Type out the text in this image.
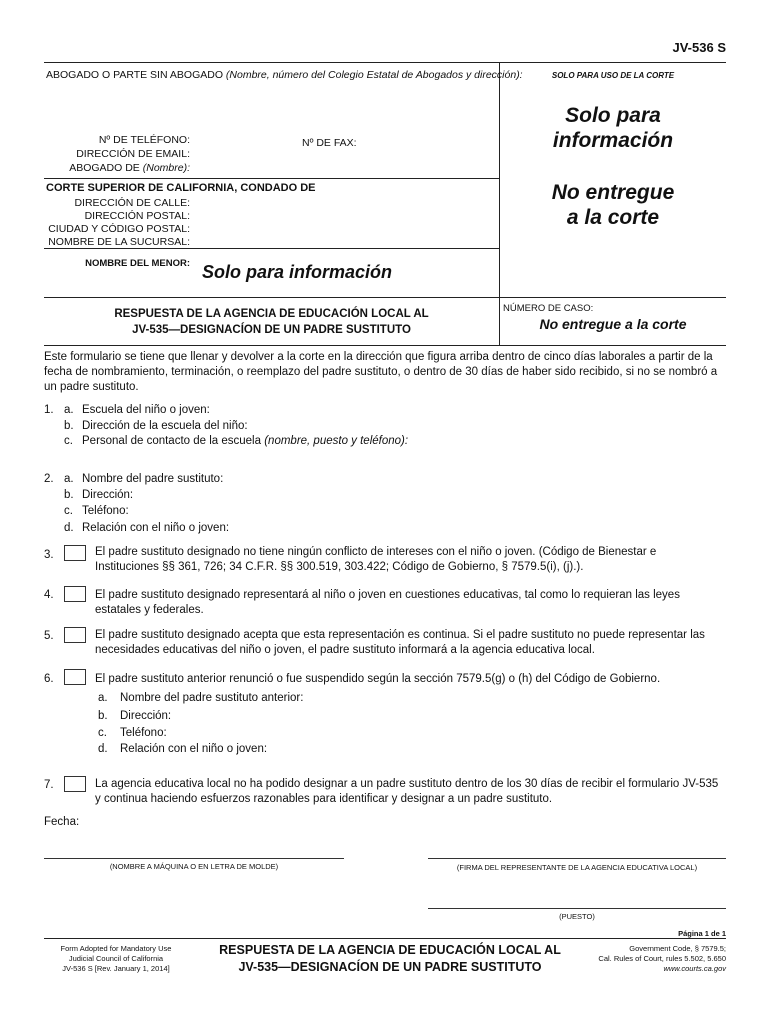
JV-536 S
ABOGADO O PARTE SIN ABOGADO (Nombre, número del Colegio Estatal de Abogados y dirección):
Nº DE TELÉFONO:	Nº DE FAX:
DIRECCIÓN DE EMAIL:
ABOGADO DE (Nombre):
CORTE SUPERIOR DE CALIFORNIA, CONDADO DE
DIRECCIÓN DE CALLE:
DIRECCIÓN POSTAL:
CIUDAD Y CÓDIGO POSTAL:
NOMBRE DE LA SUCURSAL:
NOMBRE DEL MENOR: Solo para información
RESPUESTA DE LA AGENCIA DE EDUCACIÓN LOCAL AL
JV-535—DESIGNACÍON DE UN PADRE SUSTITUTO
SOLO PARA USO DE LA CORTE
Solo para
información
No entregue
a la corte
NÚMERO DE CASO:
No entregue a la corte
Este formulario se tiene que llenar y devolver a la corte en la dirección que figura arriba dentro de cinco días laborales a partir de la fecha de nombramiento, terminación, o reemplazo del padre sustituto, o dentro de 30 días de haber sido recibido, si no se nombró a un padre sustituto.
1. a. Escuela del niño o joven:
b. Dirección de la escuela del niño:
c. Personal de contacto de la escuela (nombre, puesto y teléfono):
2. a. Nombre del padre sustituto:
b. Dirección:
c. Teléfono:
d. Relación con el niño o joven:
3.	El padre sustituto designado no tiene ningún conflicto de intereses con el niño o joven. (Código de Bienestar e Instituciones §§ 361, 726; 34 C.F.R. §§ 300.519, 303.422; Código de Gobierno, § 7579.5(i), (j).).
4.	El padre sustituto designado representará al niño o joven en cuestiones educativas, tal como lo requieran las leyes estatales y federales.
5.	El padre sustituto designado acepta que esta representación es continua. Si el padre sustituto no puede representar las necesidades educativas del niño o joven, el padre sustituto informará a la agencia educativa local.
6.	El padre sustituto anterior renunció o fue suspendido según la sección 7579.5(g) o (h) del Código de Gobierno.
a. Nombre del padre sustituto anterior:
b. Dirección:
c. Teléfono:
d. Relación con el niño o joven:
7.	La agencia educativa local no ha podido designar a un padre sustituto dentro de los 30 días de recibir el formulario JV-535 y continua haciendo esfuerzos razonables para identificar y designar a un padre sustituto.
Fecha:
(NOMBRE A MÁQUINA O EN LETRA DE MOLDE)	(FIRMA DEL REPRESENTANTE DE LA AGENCIA EDUCATIVA LOCAL)
(PUESTO)
Página 1 de 1
Form Adopted for Mandatory Use
Judicial Council of California
JV-536 S [Rev. January 1, 2014]
RESPUESTA DE LA AGENCIA DE EDUCACIÓN LOCAL AL
JV-535—DESIGNACÍON DE UN PADRE SUSTITUTO
Government Code, § 7579.5;
Cal. Rules of Court, rules 5.502, 5.650
www.courts.ca.gov
